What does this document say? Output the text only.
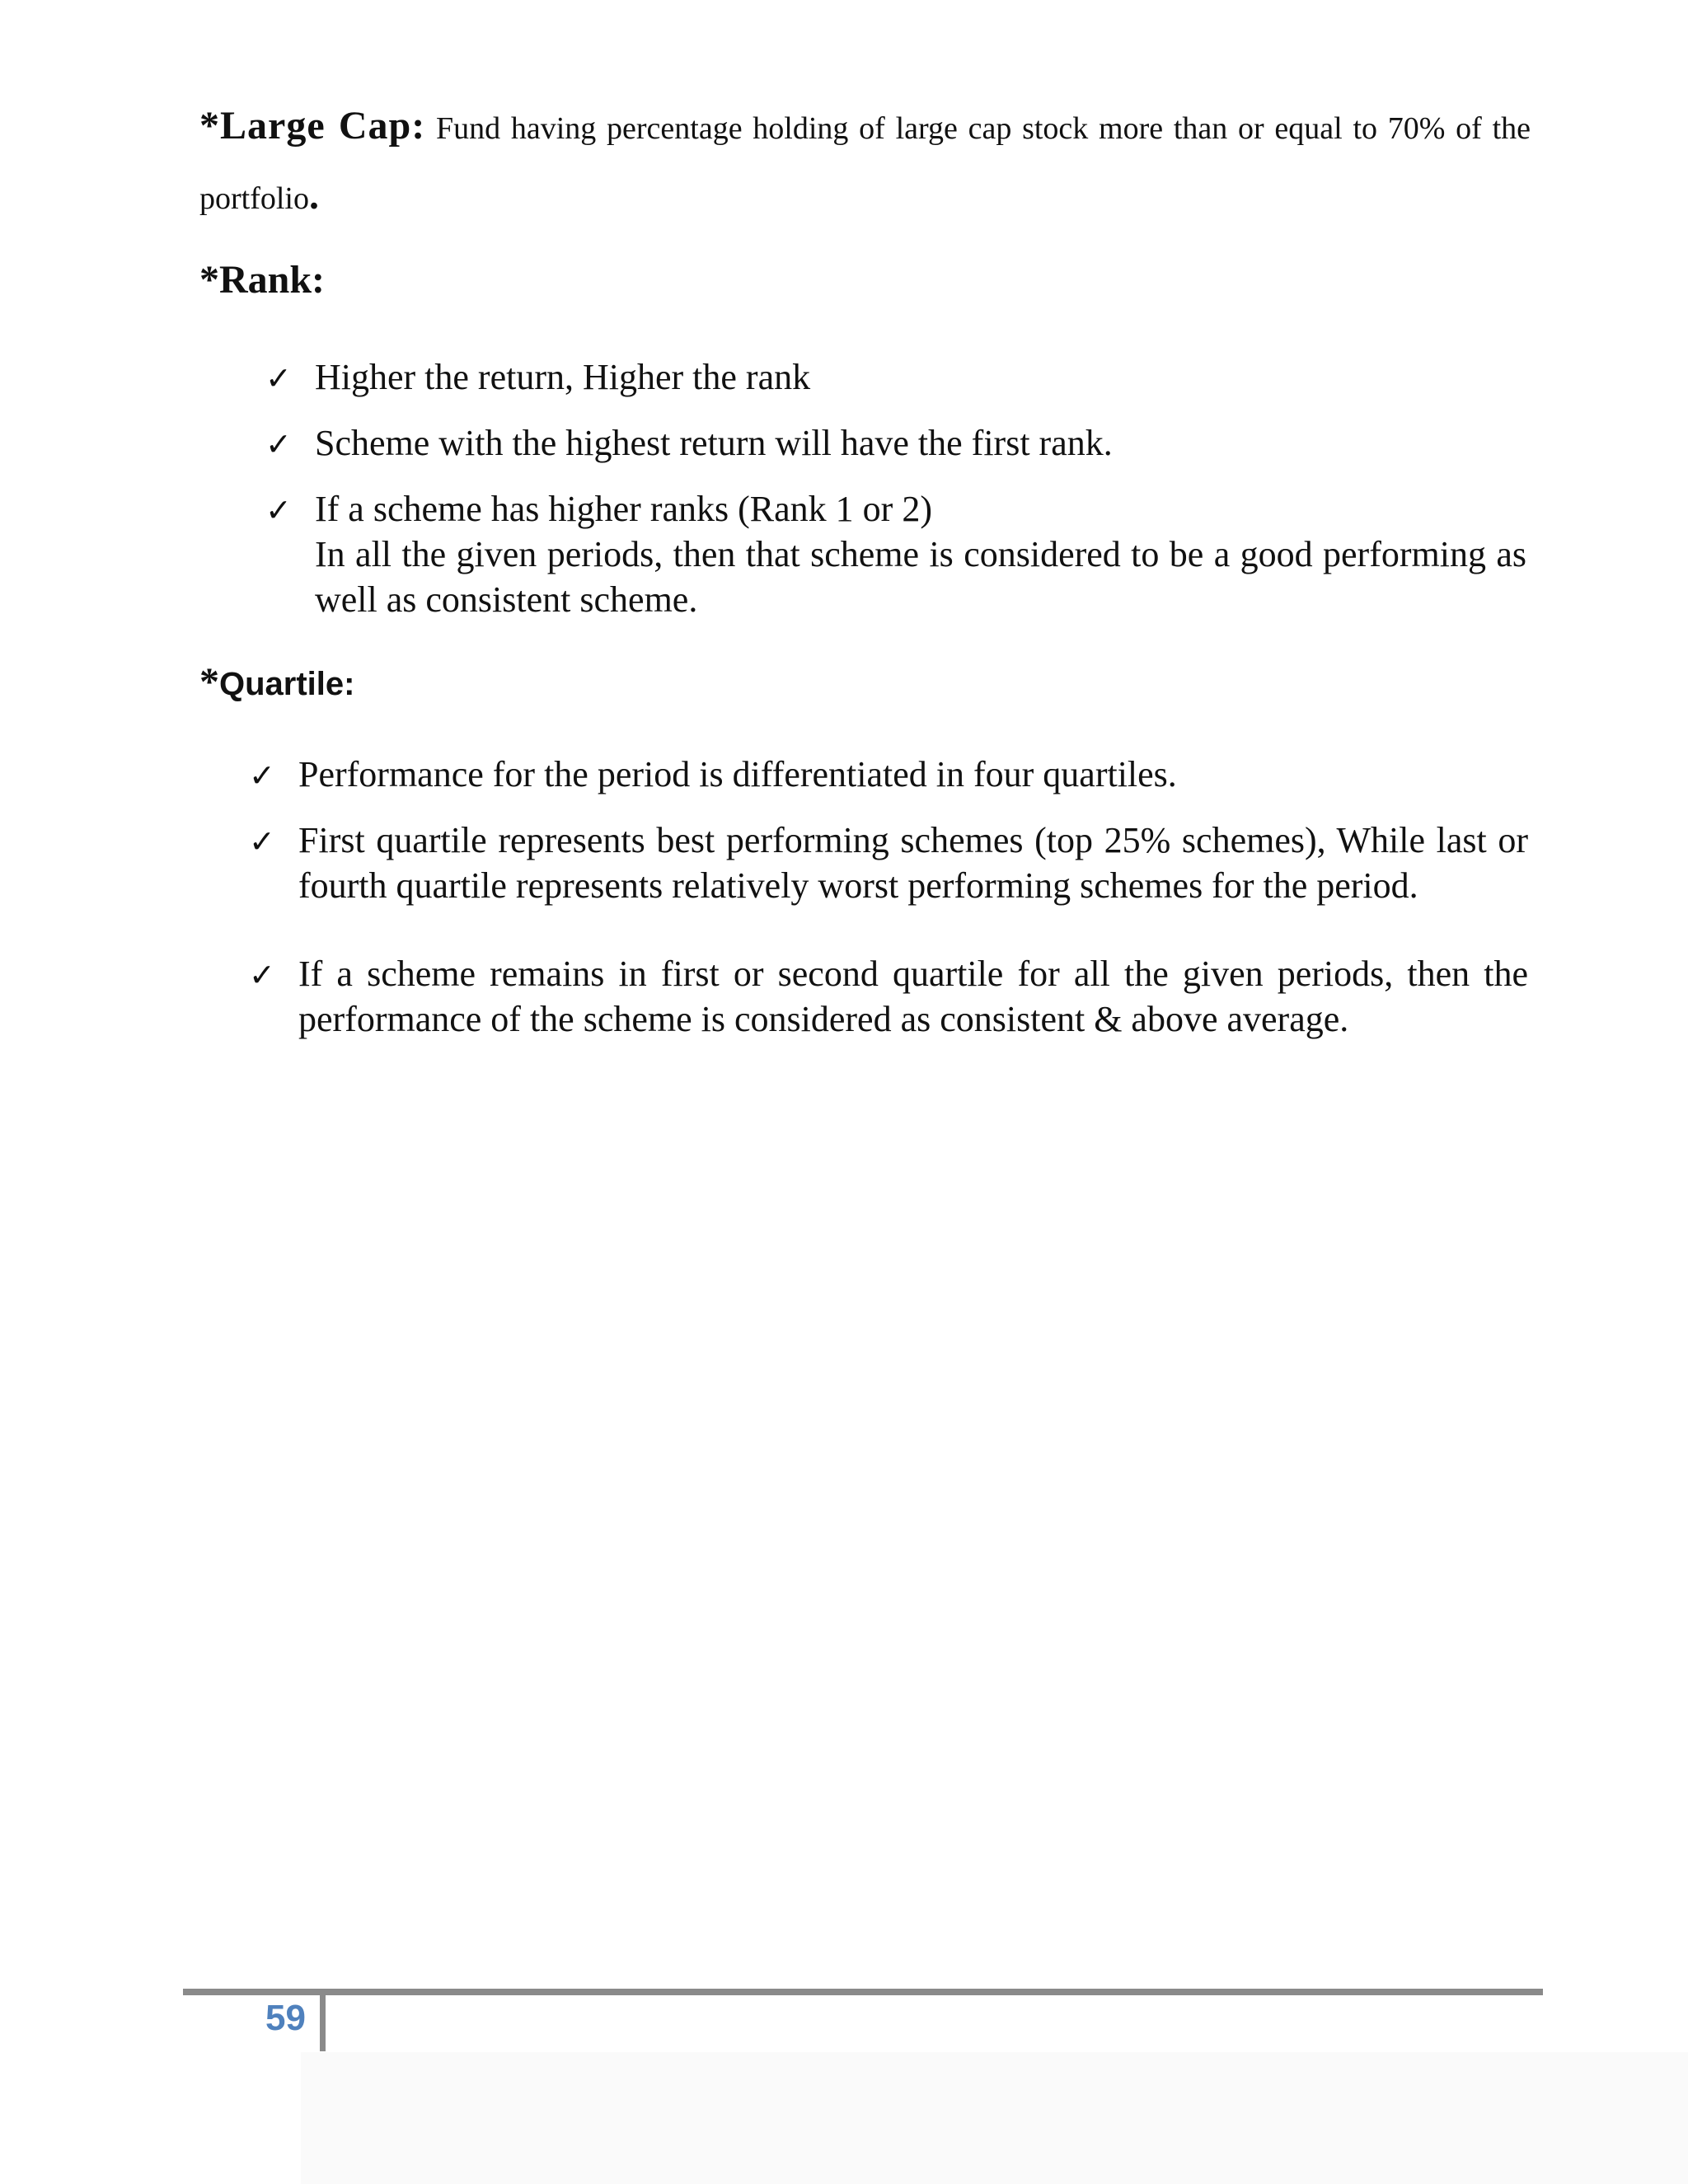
*Large Cap: Fund having percentage holding of large cap stock more than or equal to 70% of the portfolio.

*Rank:
✓ Higher the return, Higher the rank
✓ Scheme with the highest return will have the first rank.
✓ If a scheme has higher ranks (Rank 1 or 2)
In all the given periods, then that scheme is considered to be a good performing as well as consistent scheme.
*Quartile:
✓ Performance for the period is differentiated in four quartiles.
✓ First quartile represents best performing schemes (top 25% schemes), While last or fourth quartile represents relatively worst performing schemes for the period.
✓ If a scheme remains in first or second quartile for all the given periods, then the performance of the scheme is considered as consistent & above average.
59
